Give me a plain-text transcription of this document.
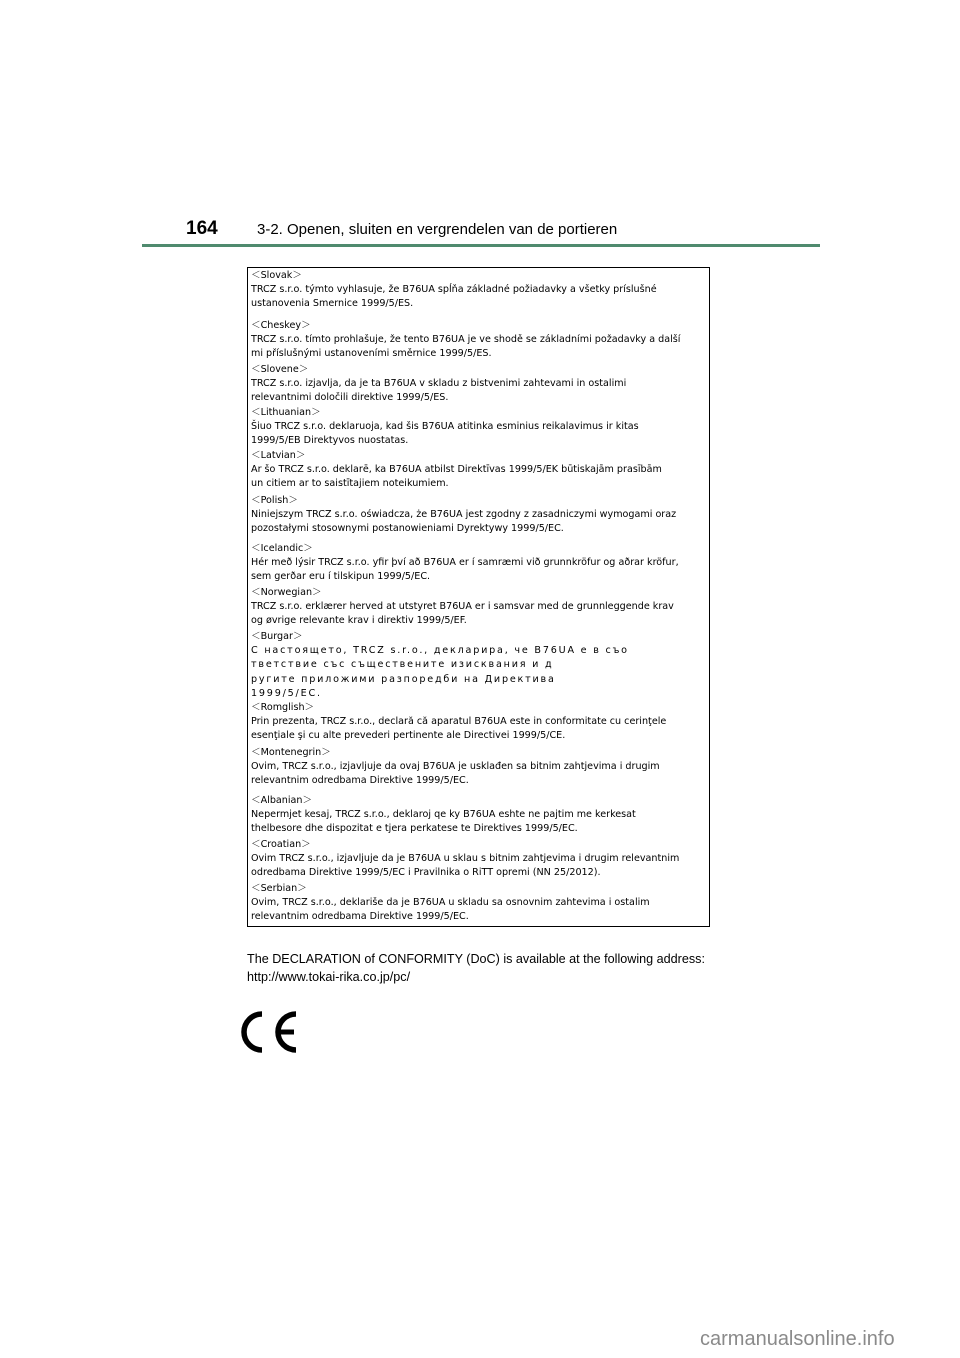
164	3-2. Openen, sluiten en vergrendelen van de portieren
＜Slovak＞
TRCZ s.r.o. týmto vyhlasuje, že B76UA spĺňa základné požiadavky a všetky príslušné
ustanovenia Smernice 1999/5/ES.
＜Cheskey＞
TRCZ s.r.o. tímto prohlašuje, že tento B76UA je ve shodě se základními požadavky a další
mi příslušnými ustanoveními směrnice 1999/5/ES.
＜Slovene＞
TRCZ s.r.o. izjavlja, da je ta B76UA v skladu z bistvenimi zahtevami in ostalimi
relevantnimi določili direktive 1999/5/ES.
＜Lithuanian＞
Šiuo TRCZ s.r.o. deklaruoja, kad šis B76UA atitinka esminius reikalavimus ir kitas
1999/5/EB Direktyvos nuostatas.
＜Latvian＞
Ar šo TRCZ s.r.o. deklarē, ka B76UA atbilst Direktīvas 1999/5/EK būtiskajām prasībām
un citiem ar to saistītajiem noteikumiem.
＜Polish＞
Niniejszym TRCZ s.r.o. oświadcza, że B76UA jest zgodny z zasadniczymi wymogami oraz
pozostałymi stosownymi postanowieniami Dyrektywy 1999/5/EC.
＜Icelandic＞
Hér með lýsir TRCZ s.r.o. yfir því að B76UA er í samræmi við grunnkröfur og aðrar kröfur,
sem gerðar eru í tilskipun 1999/5/EC.
＜Norwegian＞
TRCZ s.r.o. erklærer herved at utstyret B76UA er i samsvar med de grunnleggende krav
og øvrige relevante krav i direktiv 1999/5/EF.
＜Burgar＞
С настоящето, TRCZ s.r.o., декларира, че B76UA е в съо
тветствие със съществените изисквания и д
ругите приложими разпоредби на Директива
1999/5/ЕС.
＜Romglish＞
Prin prezenta, TRCZ s.r.o., declară că aparatul B76UA este in conformitate cu cerinţele
esenţiale şi cu alte prevederi pertinente ale Directivei 1999/5/CE.
＜Montenegrin＞
Ovim, TRCZ s.r.o., izjavljuje da ovaj B76UA je usklađen sa bitnim zahtjevima i drugim
relevantnim odredbama Direktive 1999/5/EC.
＜Albanian＞
Nepermjet kesaj, TRCZ s.r.o., deklaroj qe ky B76UA eshte ne pajtim me kerkesat
thelbesore dhe dispozitat e tjera perkatese te Direktives 1999/5/EC.
＜Croatian＞
Ovim TRCZ s.r.o., izjavljuje da je B76UA u sklau s bitnim zahtjevima i drugim relevantnim
odredbama Direktive 1999/5/EC i Pravilnika o RiTT opremi (NN 25/2012).
＜Serbian＞
Ovim, TRCZ s.r.o., deklariše da je B76UA u skladu sa osnovnim zahtevima i ostalim
relevantnim odredbama Direktive 1999/5/EC.
The DECLARATION of CONFORMITY (DoC) is available at the following address:
http://www.tokai-rika.co.jp/pc/
carmanualsonline.info
